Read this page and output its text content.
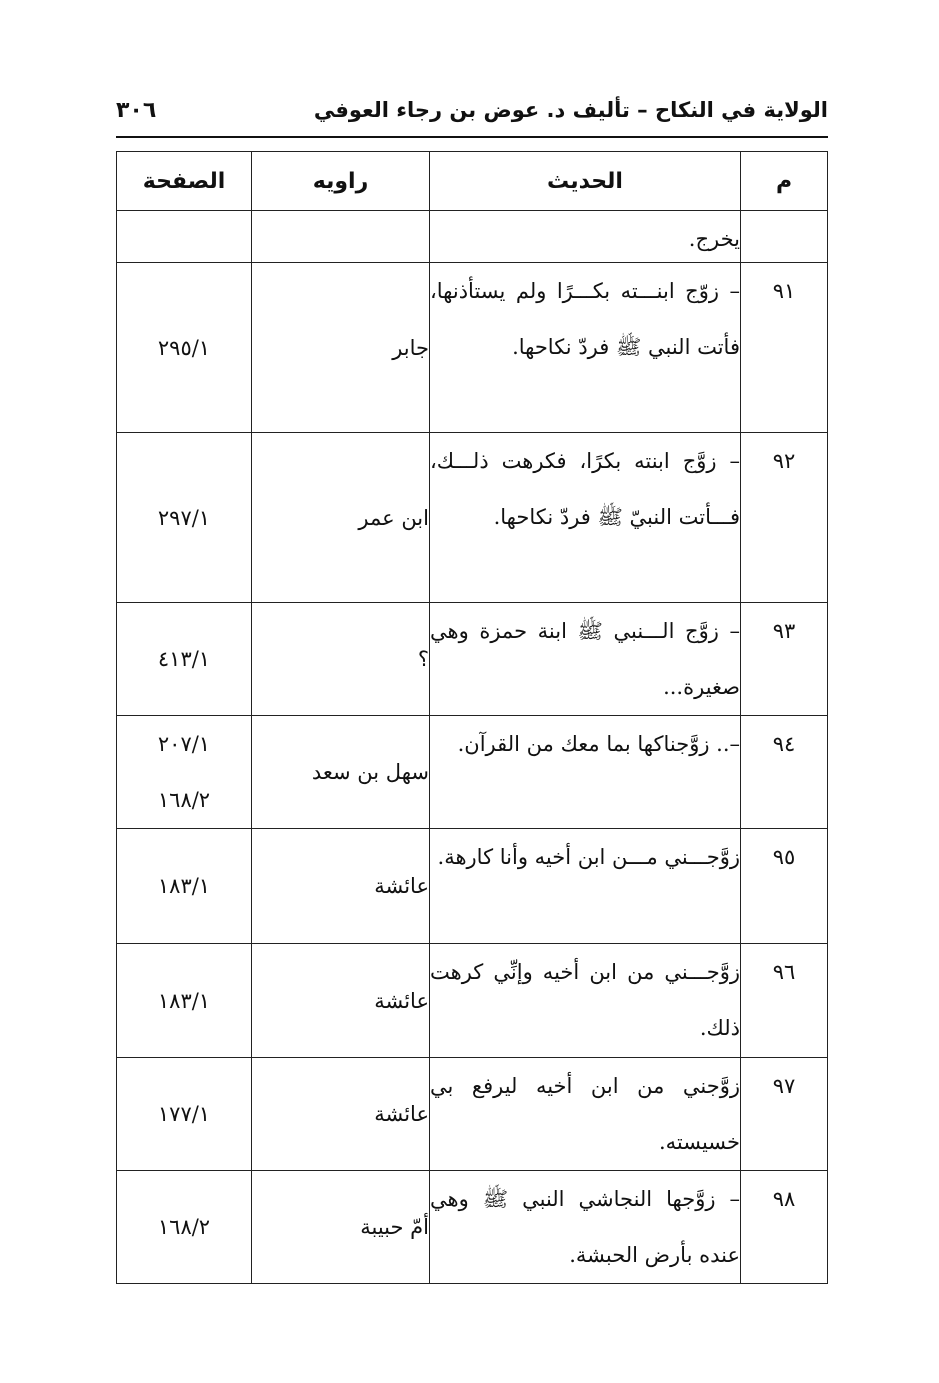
الولاية في النكاح – تأليف د. عوض بن رجاء العوفي
٣٠٦
م	الحديث	راويه	الصفحة
	يخرج.		
٩١	– زوّج ابنـــته بكـــرًا ولم يستأذنها، فأتت النبي ﷺ فردّ نكاحها.	جابر	٢٩٥/١

٩٢	– زوَّج ابنته بكرًا، فكرهت ذلـــك، فـــأتت النبيّ ﷺ فردّ نكاحها.	ابن عمر	٢٩٧/١

٩٣	– زوَّج الـــنبي ﷺ ابنة حمزة وهي صغيرة...	؟	٤١٣/١

٩٤	–.. زوَّجناكها بما معك من القرآن.	سهل بن سعد	٢٠٧/١
١٦٨/٢

٩٥	زوَّجـــني مـــن ابن أخيه وأنا كارهة.	عائشة	١٨٣/١

٩٦	زوَّجـــني من ابن أخيه وإنِّي كرهت ذلك.	عائشة	١٨٣/١

٩٧	زوَّجني من ابن أخيه ليرفع بي خسيسته.	عائشة	١٧٧/١

٩٨	– زوَّجها النجاشي النبي ﷺ وهي عنده بأرض الحبشة.	أمّ حبيبة	١٦٨/٢
